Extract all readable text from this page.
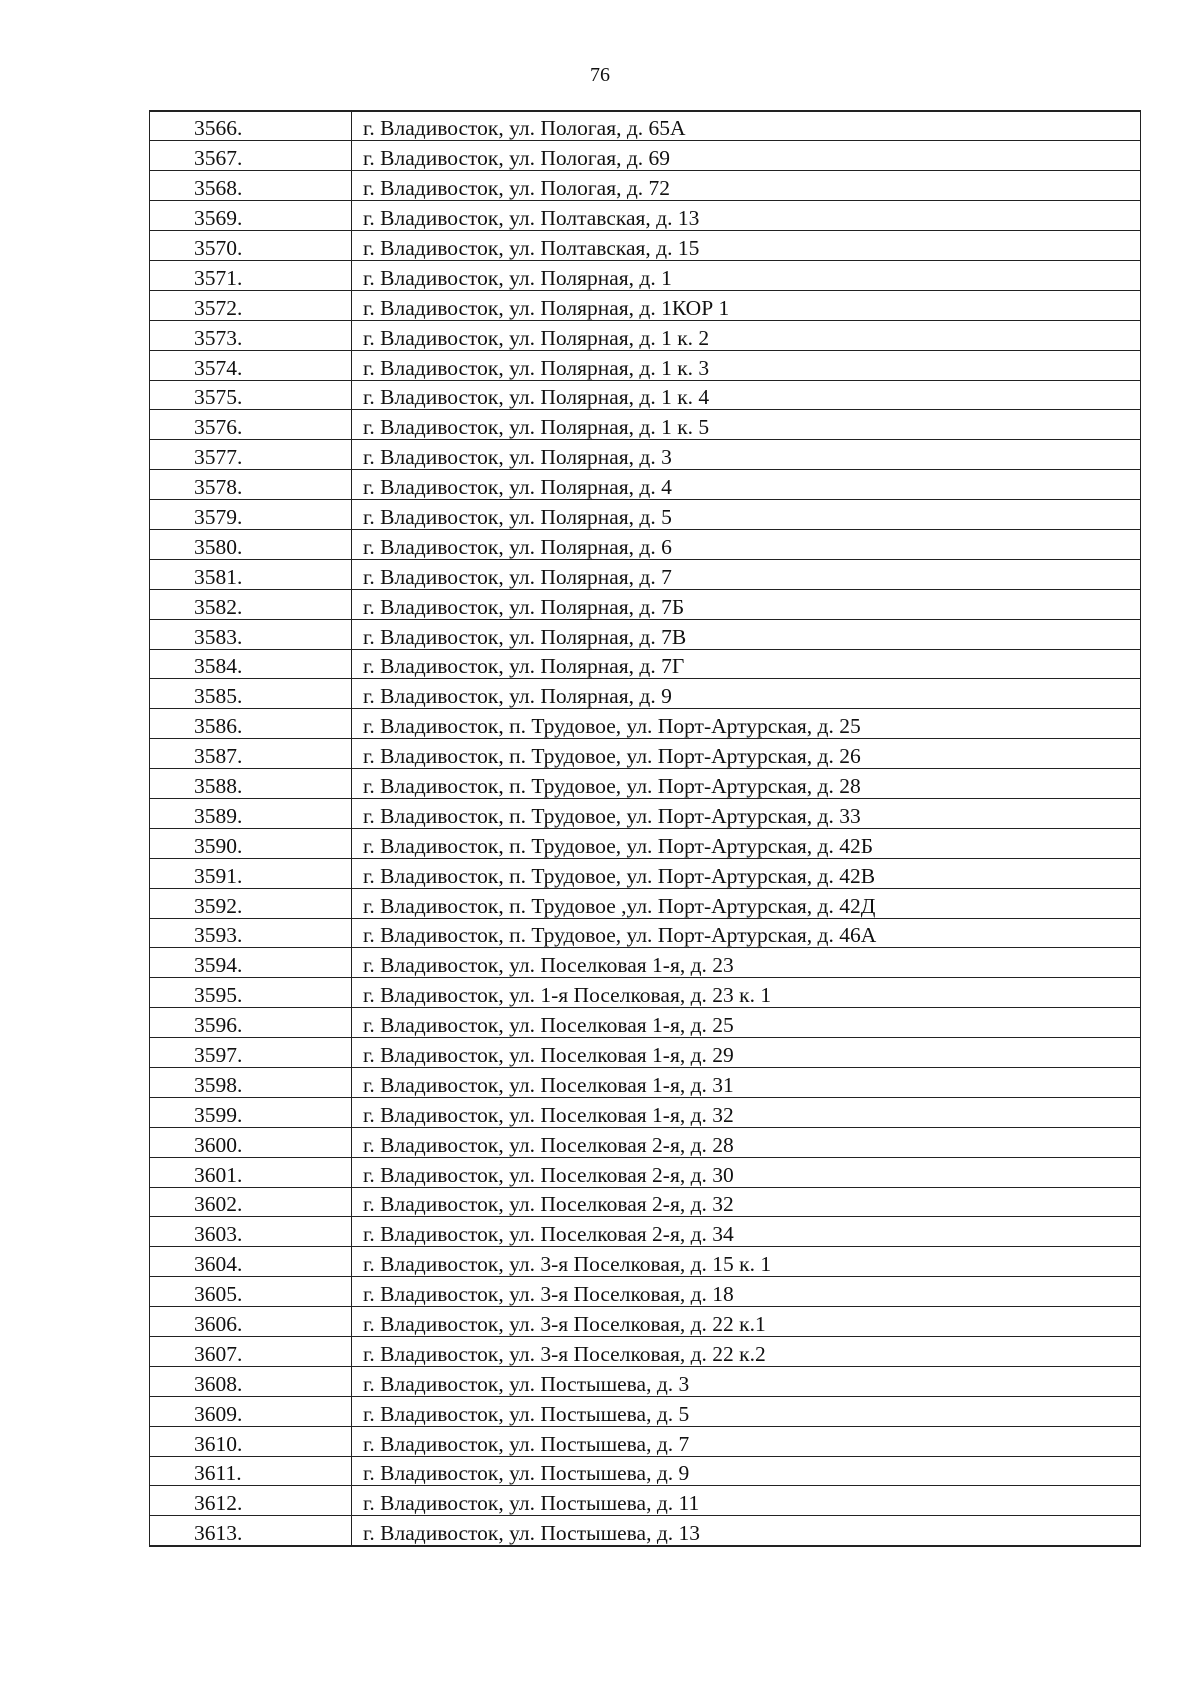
76
3566.	г. Владивосток, ул. Пологая, д. 65А
3567.	г. Владивосток, ул. Пологая, д. 69
3568.	г. Владивосток, ул. Пологая, д. 72
3569.	г. Владивосток, ул. Полтавская, д. 13
3570.	г. Владивосток, ул. Полтавская, д. 15
3571.	г. Владивосток, ул. Полярная, д. 1
3572.	г. Владивосток, ул. Полярная, д. 1КОР 1
3573.	г. Владивосток, ул. Полярная, д. 1 к. 2
3574.	г. Владивосток, ул. Полярная, д. 1 к. 3
3575.	г. Владивосток, ул. Полярная, д. 1 к. 4
3576.	г. Владивосток, ул. Полярная, д. 1 к. 5
3577.	г. Владивосток, ул. Полярная, д. 3
3578.	г. Владивосток, ул. Полярная, д. 4
3579.	г. Владивосток, ул. Полярная, д. 5
3580.	г. Владивосток, ул. Полярная, д. 6
3581.	г. Владивосток, ул. Полярная, д. 7
3582.	г. Владивосток, ул. Полярная, д. 7Б
3583.	г. Владивосток, ул. Полярная, д. 7В
3584.	г. Владивосток, ул. Полярная, д. 7Г
3585.	г. Владивосток, ул. Полярная, д. 9
3586.	г. Владивосток, п. Трудовое, ул. Порт-Артурская, д. 25
3587.	г. Владивосток, п. Трудовое, ул. Порт-Артурская, д. 26
3588.	г. Владивосток, п. Трудовое, ул. Порт-Артурская, д. 28
3589.	г. Владивосток, п. Трудовое, ул. Порт-Артурская, д. 33
3590.	г. Владивосток, п. Трудовое, ул. Порт-Артурская, д. 42Б
3591.	г. Владивосток, п. Трудовое, ул. Порт-Артурская, д. 42В
3592.	г. Владивосток, п. Трудовое ,ул. Порт-Артурская, д. 42Д
3593.	г. Владивосток, п. Трудовое, ул. Порт-Артурская, д. 46А
3594.	г. Владивосток, ул. Поселковая 1-я, д. 23
3595.	г. Владивосток, ул. 1-я Поселковая, д. 23 к. 1
3596.	г. Владивосток, ул. Поселковая 1-я, д. 25
3597.	г. Владивосток, ул. Поселковая 1-я, д. 29
3598.	г. Владивосток, ул. Поселковая 1-я, д. 31
3599.	г. Владивосток, ул. Поселковая 1-я, д. 32
3600.	г. Владивосток, ул. Поселковая 2-я, д. 28
3601.	г. Владивосток, ул. Поселковая 2-я, д. 30
3602.	г. Владивосток, ул. Поселковая 2-я, д. 32
3603.	г. Владивосток, ул. Поселковая 2-я, д. 34
3604.	г. Владивосток, ул. 3-я Поселковая, д. 15 к. 1
3605.	г. Владивосток, ул. 3-я Поселковая, д. 18
3606.	г. Владивосток, ул. 3-я Поселковая, д. 22 к.1
3607.	г. Владивосток, ул. 3-я Поселковая, д. 22 к.2
3608.	г. Владивосток, ул. Постышева, д. 3
3609.	г. Владивосток, ул. Постышева, д. 5
3610.	г. Владивосток, ул. Постышева, д. 7
3611.	г. Владивосток, ул. Постышева, д. 9
3612.	г. Владивосток, ул. Постышева, д. 11
3613.	г. Владивосток, ул. Постышева, д. 13
